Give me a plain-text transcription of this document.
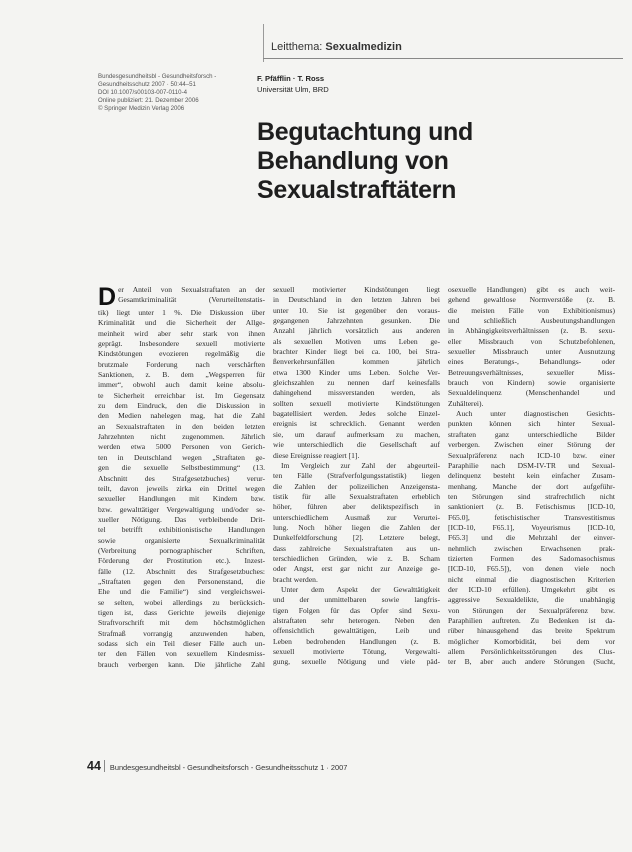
Leitthema: Sexualmedizin
Bundesgesundheitsbl - Gesundheitsforsch -
Gesundheitsschutz 2007 · 50:44–51
DOI 10.1007/s00103-007-0110-4
Online publiziert: 21. Dezember 2006
© Springer Medizin Verlag 2006
F. Pfäfflin · T. Ross
Universität Ulm, BRD
Begutachtung und
Behandlung von
Sexualstraftätern
D er Anteil von Sexualstraftaten an der
Gesamtkriminalität (Verurteiltenstatis-
tik) liegt unter 1 %. Die Diskussion über
Kriminalität und die Sicherheit der Allge-
meinheit wird aber sehr stark von ihnen
geprägt. Insbesondere sexuell motivierte
Kindstötungen evozieren regelmäßig die
brutzmale Forderung nach verschärften
Sanktionen, z. B. dem „Wegsperren für
immer“, obwohl auch damit keine absolu-
te Sicherheit erreichbar ist. Im Gegensatz
zu dem Eindruck, den die Diskussion in
den Medien nahelegen mag, hat die Zahl
an Sexualstraftaten in den beiden letzten
Jahrzehnten nicht zugenommen. Jährlich
werden etwa 5000 Personen von Gerich-
ten in Deutschland wegen „Straftaten ge-
gen die sexuelle Selbstbestimmung“ (13.
Abschnitt des Strafgesetzbuches) verur-
teilt, davon jeweils zirka ein Drittel wegen
sexueller Handlungen mit Kindern bzw.
bzw. gewalttätiger Vergewaltigung und/oder se-
xueller Nötigung. Das verbleibende Drit-
tel betrifft exhibitionistische Handlungen
sowie organisierte Sexualkriminalität
(Verbreitung pornographischer Schriften,
Förderung der Prostitution etc.). Inzest-
fälle (12. Abschnitt des Strafgesetzbuches:
„Straftaten gegen den Personenstand, die
Ehe und die Familie“) sind vergleichswei-
se selten, wobei allerdings zu berücksich-
tigen ist, dass Gerichte jeweils diejenige
Straftvorschrift mit dem höchstmöglichen
Strafmaß vorrangig anzuwenden haben,
sodass sich ein Teil dieser Fälle auch un-
ter den Fällen von sexuellem Kindesmiss-
brauch verbergen kann. Die jährliche Zahl
sexuell motivierter Kindstötungen liegt
in Deutschland in den letzten Jahren bei
unter 10. Sie ist gegenüber den voraus-
gegangenen Jahrzehnten gesunken. Die
Anzahl jährlich vorsätzlich aus anderen
als sexuellen Motiven ums Leben ge-
brachter Kinder liegt bei ca. 100, bei Stra-
ßenverkehrsunfällen kommen jährlich
etwa 1300 Kinder ums Leben. Solche Ver-
gleichszahlen zu nennen darf keinesfalls
dahingehend missverstanden werden, als
sollten sexuell motivierte Kindstötungen
bagatellisiert werden. Jedes solche Einzel-
ereignis ist schrecklich. Genannt werden
sie, um darauf aufmerksam zu machen,
wie unterschiedlich die Gesellschaft auf
diese Ereignisse reagiert [1].
Im Vergleich zur Zahl der abgeurteil-
ten Fälle (Strafverfolgungsstatistik) liegen
die Zahlen der polizeilichen Anzeigensta-
tistik für alle Sexualstraftaten erheblich
höher, führen aber deliktspezifisch in
unterschiedlichem Ausmaß zur Verurtei-
lung. Noch höher liegen die Zahlen der
Dunkelfeldforschung [2]. Letztere belegt,
dass zahlreiche Sexualstraftaten aus un-
terschiedlichen Gründen, wie z. B. Scham
oder Angst, erst gar nicht zur Anzeige ge-
bracht werden.
Unter dem Aspekt der Gewalttätigkeit
und der unmittelbaren sowie langfris-
tigen Folgen für das Opfer sind Sexu-
alstraftaten sehr heterogen. Neben den
offensichtlich gewalttätigen, Leib und
Leben bedrohenden Handlungen (z. B.
sexuell motivierte Tötung, Vergewalti-
gung, sexuelle Nötigung und viele päd-
osexuelle Handlungen) gibt es auch weit-
gehend gewaltlose Normverstöße (z. B.
die meisten Fälle von Exhibitionismus)
und schließlich Ausbeutungshandlungen
in Abhängigkeitsverhältnissen (z. B. sexu-
eller Missbrauch von Schutzbefohlenen,
sexueller Missbrauch unter Ausnutzung
eines Beratungs-, Behandlungs- oder
Betreuungsverhältnisses, sexueller Miss-
brauch von Kindern) sowie organisierte
Sexualdelinquenz (Menschenhandel und
Zuhälterei).
Auch unter diagnostischen Gesichts-
punkten können sich hinter Sexual-
straftaten ganz unterschiedliche Bilder
verbergen. Zwischen einer Störung der
Sexualpräferenz nach ICD-10 bzw. einer
Paraphilie nach DSM-IV-TR und Sexual-
delinquenz besteht kein einfacher Zusam-
menhang. Manche der dort aufgeführ-
ten Störungen sind strafrechtlich nicht
sanktioniert (z. B. Fetischismus [ICD-10,
F65.0], fetischistischer Transvestitismus
[ICD-10, F65.1], Voyeurismus [ICD-10,
F65.3] und die Mehrzahl der einver-
nehmlich zwischen Erwachsenen prak-
tizierten Formen des Sadomasochismus
[ICD-10, F65.5]), von denen viele noch
nicht einmal die diagnostischen Kriterien
der ICD-10 erfüllen). Umgekehrt gibt es
aggressive Sexualdelikte, die unabhängig
von Störungen der Sexualpräferenz bzw.
Paraphilien auftreten. Zu Bedenken ist da-
rüber hinausgehend das breite Spektrum
möglicher Komorbidität, bei dem vor
allem Persönlichkeitsstörungen des Clus-
ter B, aber auch andere Störungen (Sucht,
44 Bundesgesundheitsbl - Gesundheitsforsch - Gesundheitsschutz 1 · 2007
